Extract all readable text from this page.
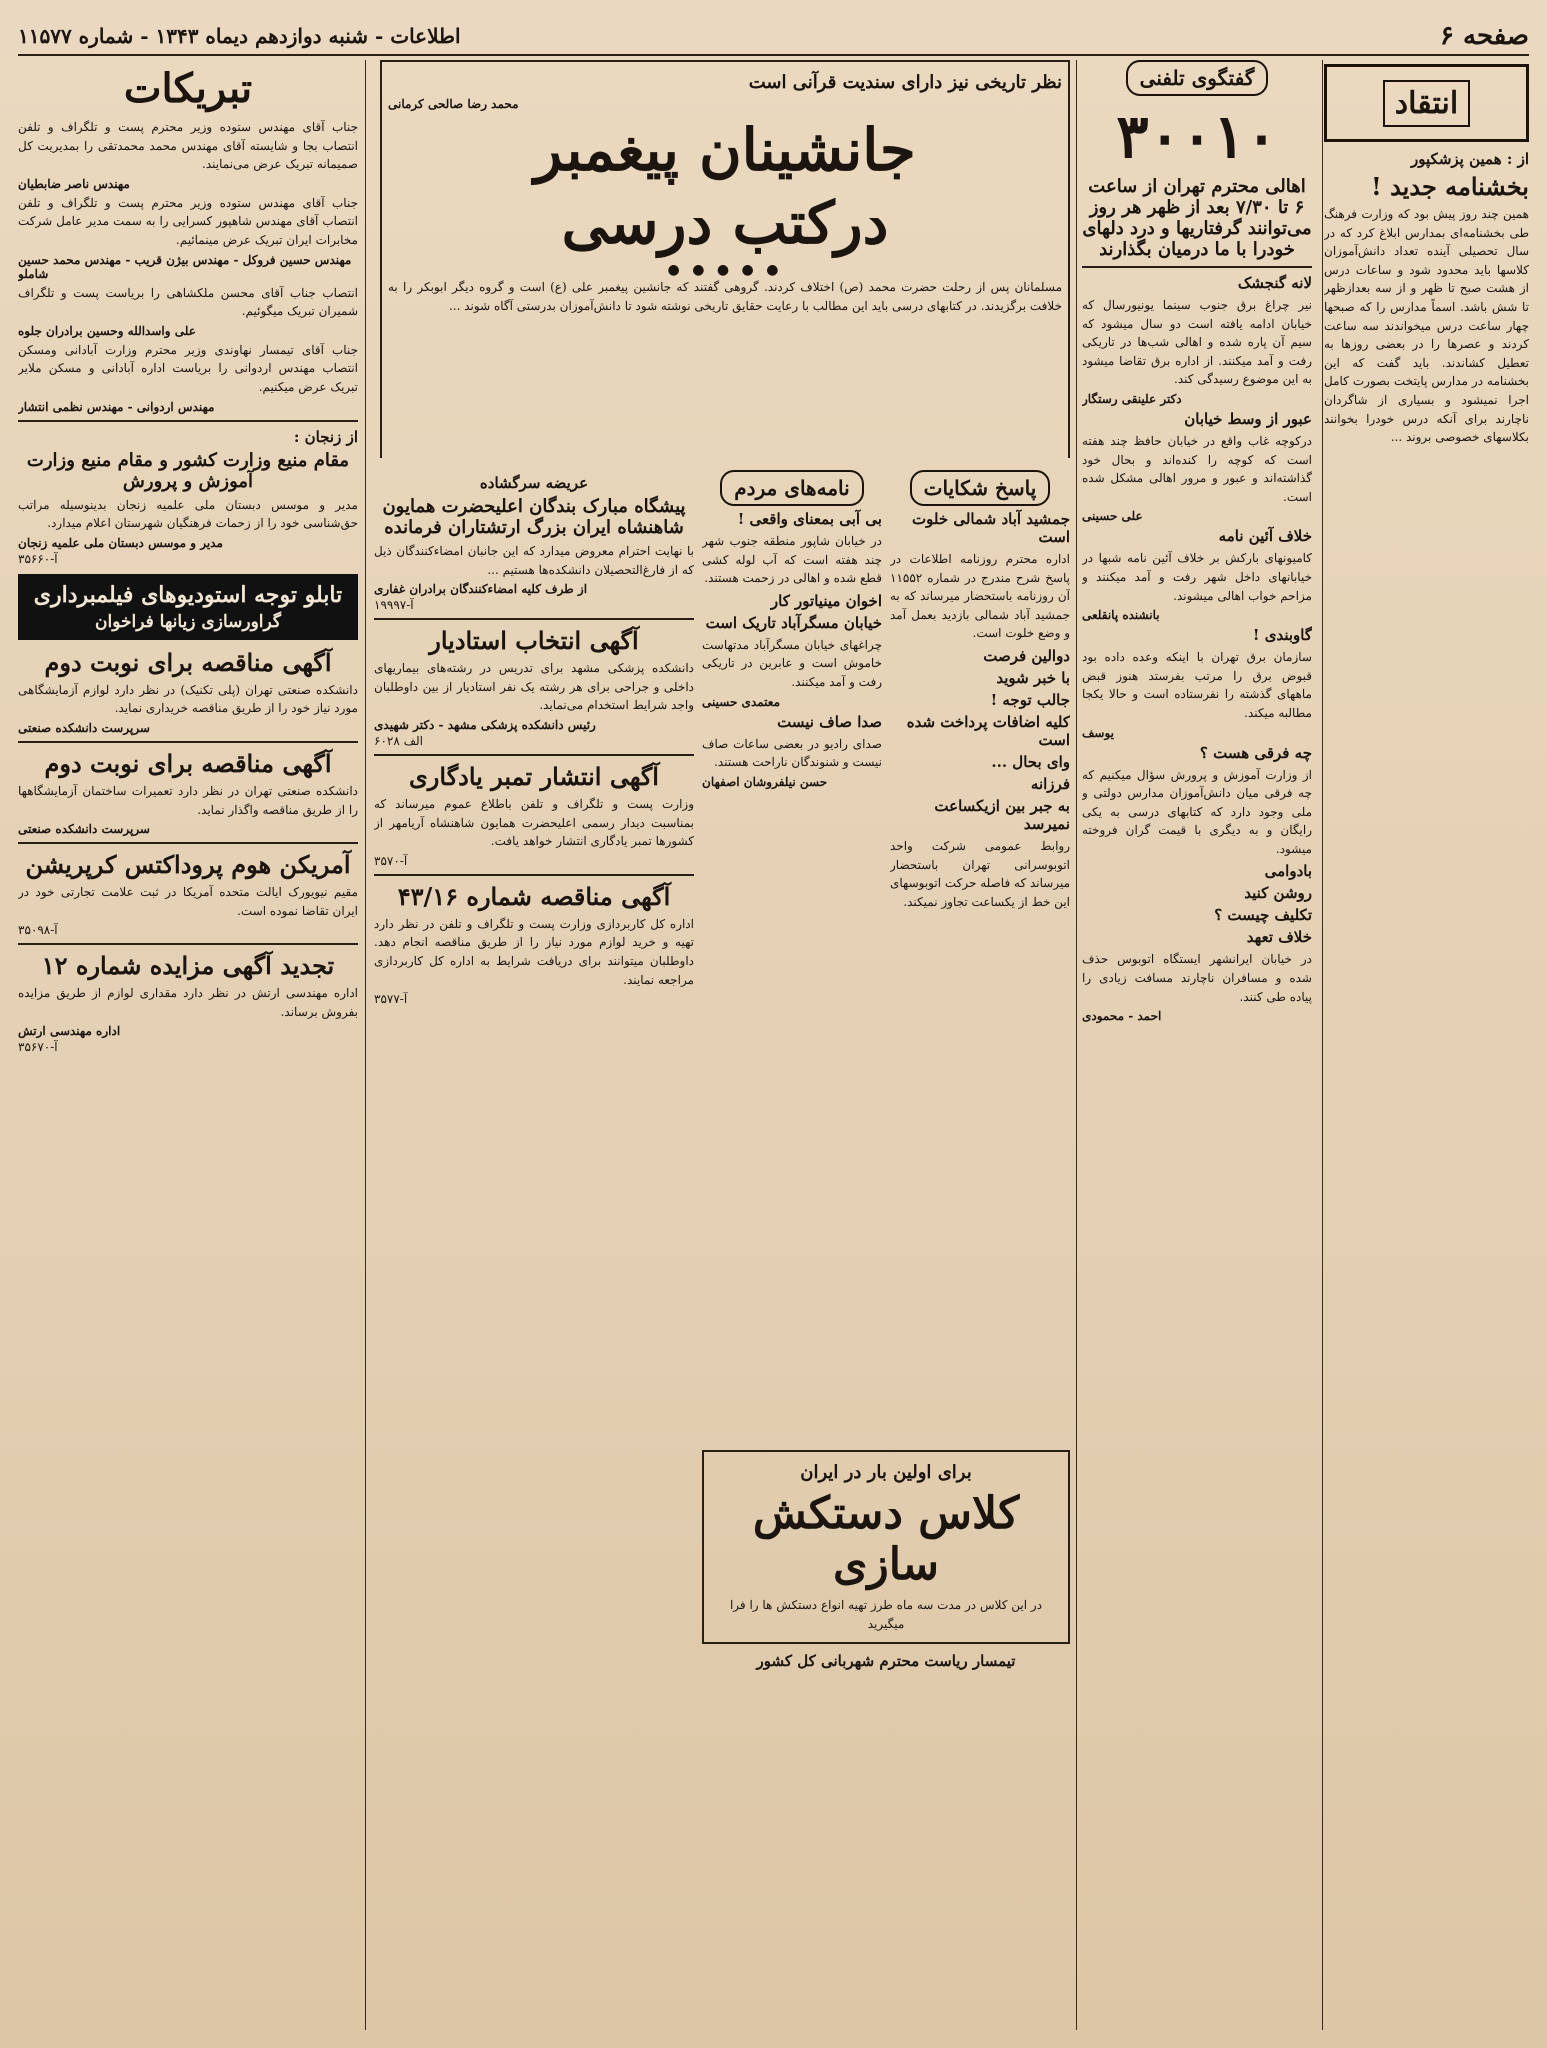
صفحه ۶
اطلاعات - شنبه دوازدهم دیماه ۱۳۴۳ - شماره ۱۱۵۷۷
انتقاد
از : همین پزشکپور
بخشنامه جدید !
همین چند روز پیش بود که وزارت فرهنگ طی بخشنامه‌ای بمدارس ابلاغ کرد که در سال تحصیلی آینده تعداد دانش‌آموزان کلاسها باید محدود شود و ساعات درس از هشت صبح تا ظهر و از سه بعدازظهر تا شش باشد. اسماً مدارس را که صبحها چهار ساعت درس میخواندند سه ساعت کردند و عصرها را در بعضی روزها به تعطیل کشاندند. باید گفت که این بخشنامه در مدارس پایتخت بصورت کامل اجرا نمیشود و بسیاری از شاگردان ناچارند برای آنکه درس خودرا بخوانند بکلاسهای خصوصی بروند ...
گفتگوی تلفنی
۳۰۰۱۰
اهالی محترم تهران از ساعت ۶ تا ۷/۳۰ بعد از ظهر هر روز می‌توانند گرفتاریها و درد دلهای خودرا با ما درمیان بگذارند
لانه گنجشک
نیر چراغ برق جنوب سینما یونیورسال که خیابان ادامه یافته است دو سال میشود که سیم آن پاره شده و اهالی شب‌ها در تاریکی رفت و آمد میکنند. از اداره برق تقاضا میشود به این موضوع رسیدگی کند.
دکتر علینقی رستگار
عبور از وسط خیابان
درکوچه غاب واقع در خیابان حافظ چند هفته است که کوچه را کنده‌اند و بحال خود گذاشته‌اند و عبور و مرور اهالی مشکل شده است.
علی حسینی
خلاف آئین نامه
کامیونهای بارکش بر خلاف آئین نامه شبها در خیابانهای داخل شهر رفت و آمد میکنند و مزاحم خواب اهالی میشوند.
بانشنده پانقلعی
گاوبندی !
سازمان برق تهران با اینکه وعده داده بود قبوض برق را مرتب بفرستد هنوز قبض ماههای گذشته را نفرستاده است و حالا یکجا مطالبه میکند.
یوسف
چه فرقی هست ؟
از وزارت آموزش و پرورش سؤال میکنیم که چه فرقی میان دانش‌آموزان مدارس دولتی و ملی وجود دارد که کتابهای درسی به یکی رایگان و به دیگری با قیمت گران فروخته میشود.
بادوامی
روشن کنید
تکلیف چیست ؟
خلاف تعهد
در خیابان ایرانشهر ایستگاه اتوبوس حذف شده و مسافران ناچارند مسافت زیادی را پیاده طی کنند.
احمد - محمودی
پاسخ شکایات
جمشید آباد شمالی خلوت است
اداره محترم روزنامه اطلاعات در پاسخ شرح مندرج در شماره ۱۱۵۵۲ آن روزنامه باستحضار میرساند که به جمشید آباد شمالی بازدید بعمل آمد و وضع خلوت است.
دوالین فرصت
با خبر شوید
جالب توجه !
کلیه اضافات پرداخت شده است
وای بحال ...
فرزانه
به جبر بین ازیکساعت نمیرسد
روابط عمومی شرکت واحد اتوبوسرانی تهران باستحضار میرساند که فاصله حرکت اتوبوسهای این خط از یکساعت تجاوز نمیکند.
نامه‌های مردم
بی آبی بمعنای واقعی !
در خیابان شاپور منطقه جنوب شهر چند هفته است که آب لوله کشی قطع شده و اهالی در زحمت هستند.
اخوان مینیاتور کار
خیابان مسگرآباد تاریک است
چراغهای خیابان مسگرآباد مدتهاست خاموش است و عابرین در تاریکی رفت و آمد میکنند.
معتمدی حسینی
صدا صاف نیست
صدای رادیو در بعضی ساعات صاف نیست و شنوندگان ناراحت هستند.
حسن نیلفروشان اصفهان
نظر تاریخی نیز دارای سندیت قرآنی است
محمد رضا صالحی کرمانی
جانشینان پیغمبر
درکتب درسی
● ● ● ● ●
مسلمانان پس از رحلت حضرت محمد (ص) اختلاف کردند. گروهی گفتند که جانشین پیغمبر علی (ع) است و گروه دیگر ابوبکر را به خلافت برگزیدند. در کتابهای درسی باید این مطالب با رعایت حقایق تاریخی نوشته شود تا دانش‌آموزان بدرستی آگاه شوند ...
عریضه سرگشاده
پیشگاه مبارک بندگان اعلیحضرت همایون شاهنشاه ایران بزرگ ارتشتاران فرمانده
با نهایت احترام معروض میدارد که این جانبان امضاءکنندگان ذیل که از فارغ‌التحصیلان دانشکده‌ها هستیم ...
از طرف کلیه امضاءکنندگان برادران غفاری
آ-۱۹۹۹۷
آگهی انتخاب استادیار
دانشکده پزشکی مشهد برای تدریس در رشته‌های بیماریهای داخلی و جراحی برای هر رشته یک نفر استادیار از بین داوطلبان واجد شرایط استخدام می‌نماید.
رئیس دانشکده پزشکی مشهد - دکتر شهیدی
الف ۶۰۲۸
آگهی انتشار تمبر یادگاری
وزارت پست و تلگراف و تلفن باطلاع عموم میرساند که بمناسبت دیدار رسمی اعلیحضرت همایون شاهنشاه آریامهر از کشورها تمبر یادگاری انتشار خواهد یافت.
آ-۳۵۷۰
آگهی مناقصه شماره ۴۳/۱۶
اداره کل کاربردازی وزارت پست و تلگراف و تلفن در نظر دارد تهیه و خرید لوازم مورد نیاز را از طریق مناقصه انجام دهد. داوطلبان میتوانند برای دریافت شرایط به اداره کل کاربردازی مراجعه نمایند.
آ-۳۵۷۷
برای اولین بار در ایران
کلاس دستکش سازی
در این کلاس در مدت سه ماه طرز تهیه انواع دستکش ها را فرا میگیرید
تیمسار ریاست محترم شهربانی کل کشور
تبریکات
جناب آقای مهندس ستوده وزیر محترم پست و تلگراف و تلفن انتصاب بجا و شایسته آقای مهندس محمد محمدتقی را بمدیریت کل صمیمانه تبریک عرض می‌نمایند.
مهندس ناصر ضابطیان
جناب آقای مهندس ستوده وزیر محترم پست و تلگراف و تلفن انتصاب آقای مهندس شاهپور کسرایی را به سمت مدیر عامل شرکت مخابرات ایران تبریک عرض مینمائیم.
مهندس حسین فروکل - مهندس بیژن قریب - مهندس محمد حسین شاملو
انتصاب جناب آقای محسن ملکشاهی را بریاست پست و تلگراف شمیران تبریک میگوئیم.
علی واسدالله وحسین برادران جلوه
جناب آقای تیمسار نهاوندی وزیر محترم وزارت آبادانی ومسکن انتصاب مهندس اردوانی را بریاست اداره آبادانی و مسکن ملایر تبریک عرض میکنیم.
مهندس اردوانی - مهندس نظمی انتشار
از زنجان :
مقام منیع وزارت کشور و مقام منیع وزارت آموزش و پرورش
مدیر و موسس دبستان ملی علمیه زنجان بدینوسیله مراتب حق‌شناسی خود را از زحمات فرهنگیان شهرستان اعلام میدارد.
مدیر و موسس دبستان ملی علمیه زنجان
آ-۳۵۶۶۰
تابلو توجه استودیوهای فیلمبرداری
گراورسازی زیانها فراخوان
آگهی مناقصه برای نوبت دوم
دانشکده صنعتی تهران (پلی تکنیک) در نظر دارد لوازم آزمایشگاهی مورد نیاز خود را از طریق مناقصه خریداری نماید.
سرپرست دانشکده صنعتی
آگهی مناقصه برای نوبت دوم
دانشکده صنعتی تهران در نظر دارد تعمیرات ساختمان آزمایشگاهها را از طریق مناقصه واگذار نماید.
سرپرست دانشکده صنعتی
آمریکن هوم پروداکتس کرپریشن
مقیم نیویورک ایالت متحده آمریکا در ثبت علامت تجارتی خود در ایران تقاضا نموده است.
آ-۳۵۰۹۸
تجدید آگهی مزایده شماره ۱۲
اداره مهندسی ارتش در نظر دارد مقداری لوازم از طریق مزایده بفروش برساند.
اداره مهندسی ارتش
آ-۳۵۶۷۰
